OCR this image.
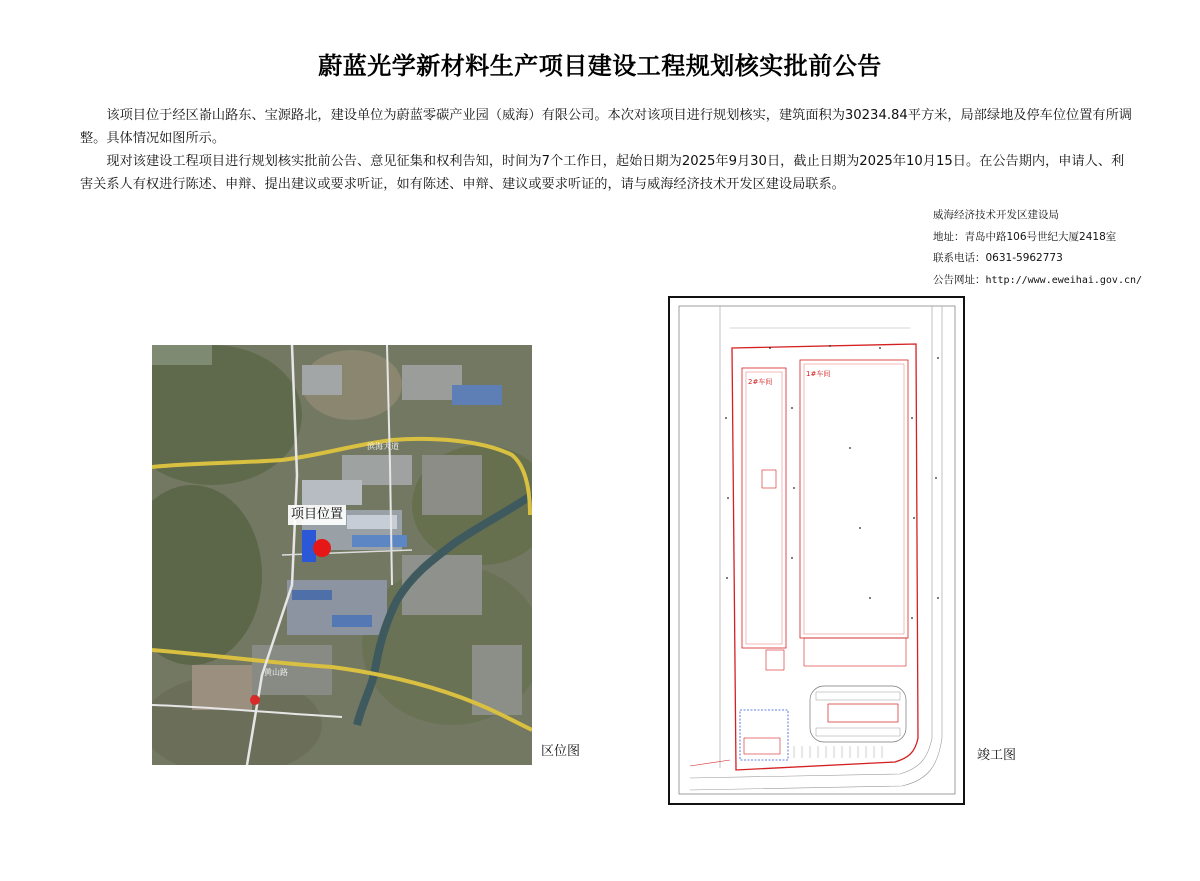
蔚蓝光学新材料生产项目建设工程规划核实批前公告
该项目位于经区嵛山路东、宝源路北，建设单位为蔚蓝零碳产业园（威海）有限公司。本次对该项目进行规划核实，建筑面积为30234.84平方米，局部绿地及停车位位置有所调整。具体情况如图所示。
现对该建设工程项目进行规划核实批前公告、意见征集和权利告知，时间为7个工作日，起始日期为2025年9月30日，截止日期为2025年10月15日。在公告期内，申请人、利害关系人有权进行陈述、申辩、提出建议或要求听证，如有陈述、申辩、建议或要求听证的，请与威海经济技术开发区建设局联系。
威海经济技术开发区建设局
地址：青岛中路106号世纪大厦2418室
联系电话：0631-5962773
公告网址：http://www.eweihai.gov.cn/
滨海大道
黄山路
项目位置
区位图
2#车间
1#车间
竣工图
